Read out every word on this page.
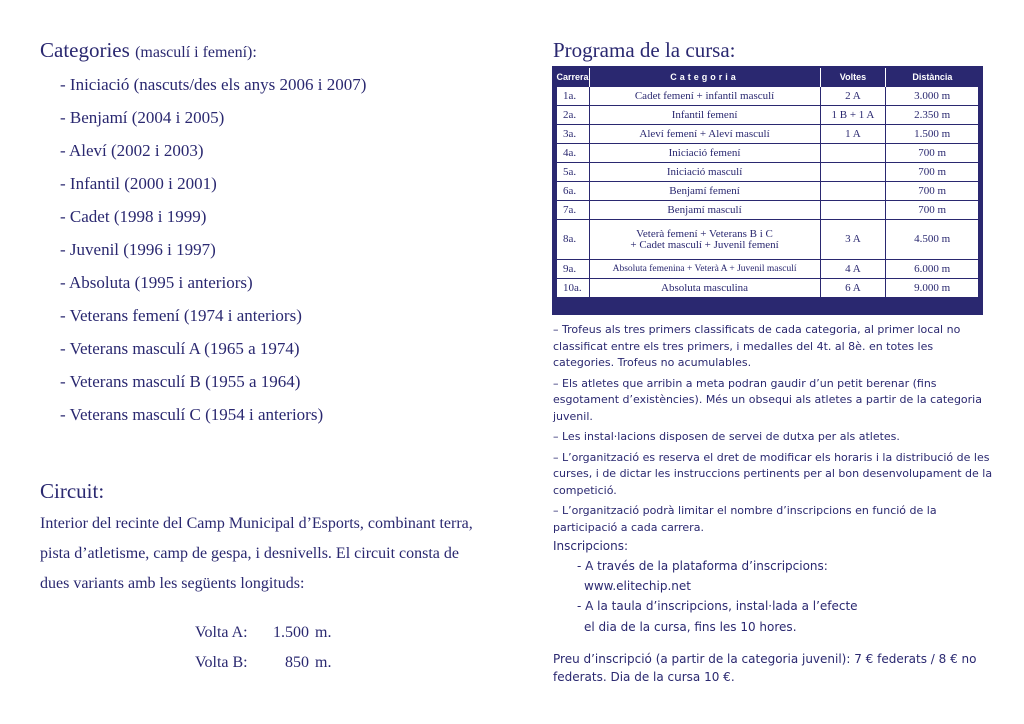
Categories (masculí i femení):
- Iniciació (nascuts/des els anys 2006 i 2007)
- Benjamí (2004 i 2005)
- Aleví (2002 i 2003)
- Infantil (2000 i 2001)
- Cadet (1998 i 1999)
- Juvenil (1996 i 1997)
- Absoluta (1995 i anteriors)
- Veterans femení (1974 i anteriors)
- Veterans masculí A (1965 a 1974)
- Veterans masculí B (1955 a 1964)
- Veterans masculí C (1954 i anteriors)
Circuit:
Interior del recinte del Camp Municipal d’Esports, combinant terra, pista d’atletisme, camp de gespa, i desnivells. El circuit consta de dues variants amb les següents longituds:
Volta A: 1.500 m.
Volta B: 850 m.
Programa de la cursa:
Carrera	Categoria	Voltes	Distància
1a.	Cadet femení + infantil masculí	2 A	3.000 m
2a.	Infantil femení	1 B + 1 A	2.350 m
3a.	Aleví femení + Aleví masculí	1 A	1.500 m
4a.	Iniciació femení		700 m
5a.	Iniciació masculí		700 m
6a.	Benjamí femení		700 m
7a.	Benjamí masculí		700 m
8a.	Veterà femení + Veterans B i C
+ Cadet masculí + Juvenil femení	3 A	4.500 m
9a.	Absoluta femenina + Veterà A + Juvenil masculí	4 A	6.000 m
10a.	Absoluta masculina	6 A	9.000 m

– Trofeus als tres primers classificats de cada categoria, al primer local no classificat entre els tres primers, i medalles del 4t. al 8è. en totes les categories. Trofeus no acumulables.

– Els atletes que arribin a meta podran gaudir d’un petit berenar (fins esgotament d’existències). Més un obsequi als atletes a partir de la categoria juvenil.

– Les instal·lacions disposen de servei de dutxa per als atletes.

– L’organització es reserva el dret de modificar els horaris i la distribució de les curses, i de dictar les instruccions pertinents per al bon desenvolupament de la competició.

– L’organització podrà limitar el nombre d’inscripcions en funció de la participació a cada carrera.

Inscripcions:
- A través de la plataforma d’inscripcions:
www.elitechip.net
- A la taula d’inscripcions, instal·lada a l’efecte
el dia de la cursa, fins les 10 hores.
Preu d’inscripció (a partir de la categoria juvenil): 7 € federats / 8 € no federats. Dia de la cursa 10 €.
